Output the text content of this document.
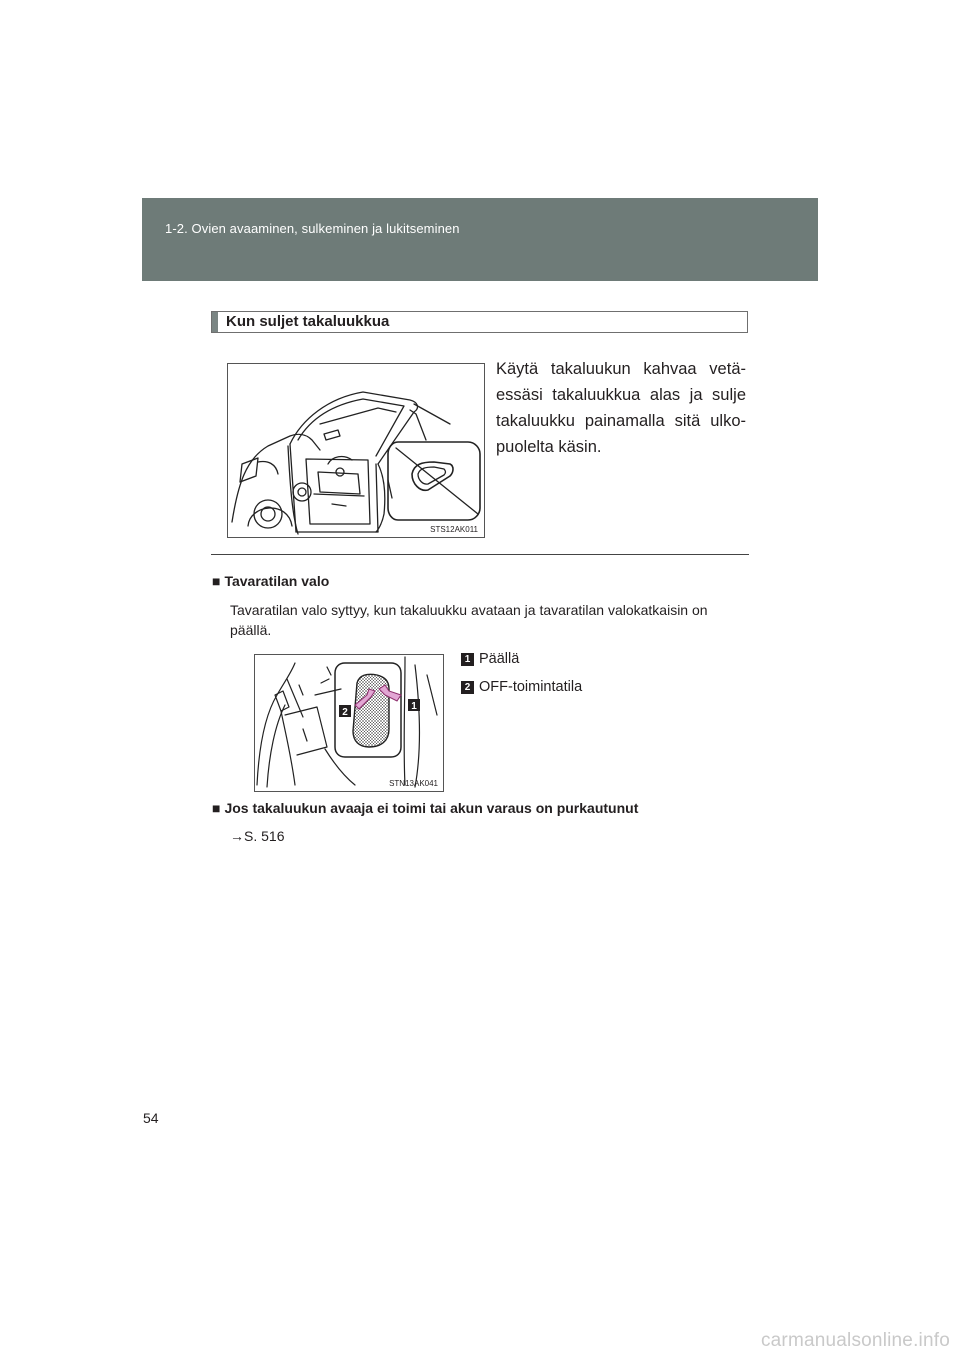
1-2. Ovien avaaminen, sulkeminen ja lukitseminen
Kun suljet takaluukkua
STS12AK011
Käytä takaluukun kahvaa vetä-essäsi takaluukkua alas ja sulje takaluukku painamalla sitä ulko-puolelta käsin.
■ Tavaratilan valo
Tavaratilan valo syttyy, kun takaluukku avataan ja tavaratilan valokatkaisin on päällä.
2
1
STN13AK041
1 Päällä
2 OFF-toimintatila
■ Jos takaluukun avaaja ei toimi tai akun varaus on purkautunut
→S. 516
54
carmanualsonline.info
